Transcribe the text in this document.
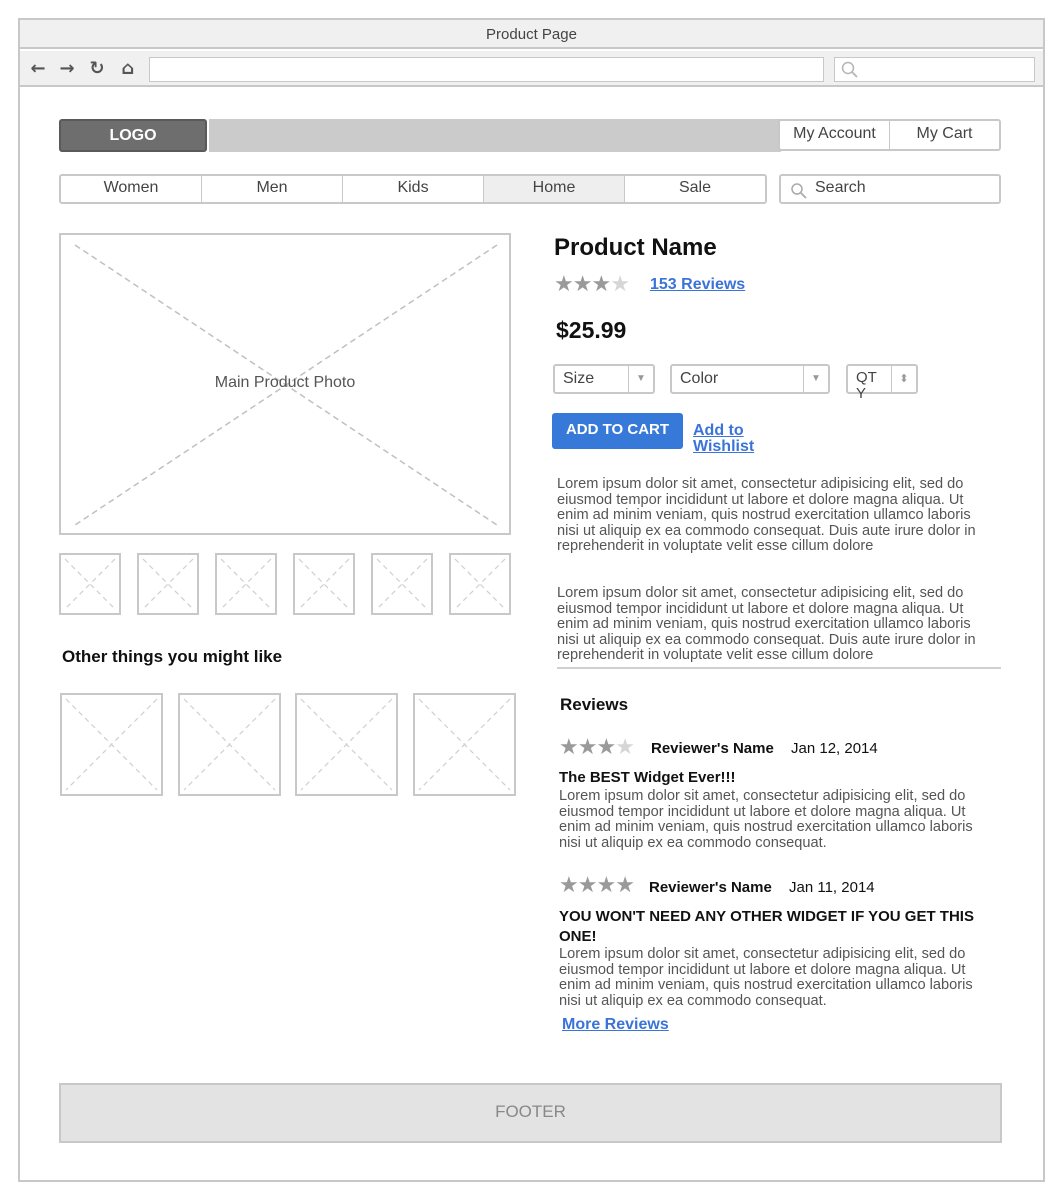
Product Page
← → ↻ ⌂
LOGO	My Account	My Cart
Women	Men	Kids	Home	Sale	Search
Main Product Photo
Other things you might like
Product Name
★★★★ 153 Reviews
$25.99
Size	▼	Color	▼	QTY
⬍
ADD TO CART	Add to
Wishlist
Lorem ipsum dolor sit amet, consectetur adipisicing elit, sed do eiusmod tempor incididunt ut labore et dolore magna aliqua. Ut enim ad minim veniam, quis nostrud exercitation ullamco laboris nisi ut aliquip ex ea commodo consequat. Duis aute irure dolor in reprehenderit in voluptate velit esse cillum dolore
Lorem ipsum dolor sit amet, consectetur adipisicing elit, sed do eiusmod tempor incididunt ut labore et dolore magna aliqua. Ut enim ad minim veniam, quis nostrud exercitation ullamco laboris nisi ut aliquip ex ea commodo consequat. Duis aute irure dolor in reprehenderit in voluptate velit esse cillum dolore
Reviews
★★★★ Reviewer's Name Jan 12, 2014
The BEST Widget Ever!!!
Lorem ipsum dolor sit amet, consectetur adipisicing elit, sed do eiusmod tempor incididunt ut labore et dolore magna aliqua. Ut enim ad minim veniam, quis nostrud exercitation ullamco laboris nisi ut aliquip ex ea commodo consequat.
★★★★ Reviewer's Name Jan 11, 2014
YOU WON'T NEED ANY OTHER WIDGET IF YOU GET THIS ONE!
Lorem ipsum dolor sit amet, consectetur adipisicing elit, sed do eiusmod tempor incididunt ut labore et dolore magna aliqua. Ut enim ad minim veniam, quis nostrud exercitation ullamco laboris nisi ut aliquip ex ea commodo consequat.
More Reviews
FOOTER
